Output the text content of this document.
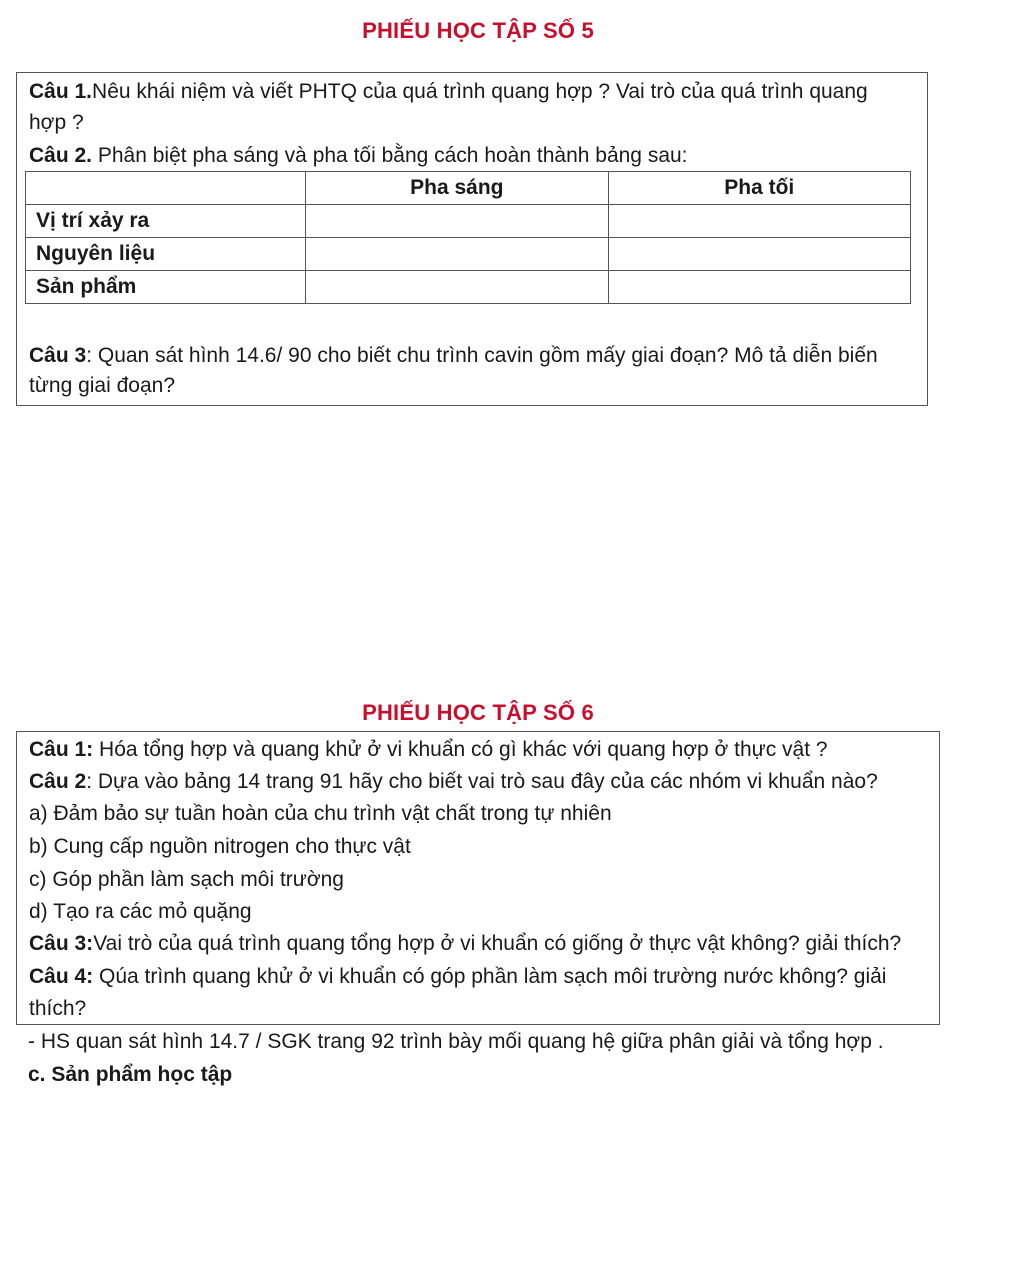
PHIẾU HỌC TẬP SỐ 5
Câu 1.Nêu khái niệm và viết PHTQ của quá trình quang hợp ? Vai trò của quá trình quang
hợp ?
Câu 2. Phân biệt pha sáng và pha tối bằng cách hoàn thành bảng sau:
	Pha sáng	Pha tối
Vị trí xảy ra		
Nguyên liệu		
Sản phẩm		
Câu 3: Quan sát hình 14.6/ 90 cho biết chu trình cavin gồm mấy giai đoạn? Mô tả diễn biến
từng giai đoạn?
PHIẾU HỌC TẬP SỐ 6
Câu 1: Hóa tổng hợp và quang khử ở vi khuẩn có gì khác với quang hợp ở thực vật ?
Câu 2: Dựa vào bảng 14 trang 91 hãy cho biết vai trò sau đây của các nhóm vi khuẩn nào?
a) Đảm bảo sự tuần hoàn của chu trình vật chất trong tự nhiên
b) Cung cấp nguồn nitrogen cho thực vật
c) Góp phần làm sạch môi trường
d) Tạo ra các mỏ quặng
Câu 3:Vai trò của quá trình quang tổng hợp ở vi khuẩn có giống ở thực vật không? giải thích?
Câu 4: Qúa trình quang khử ở vi khuẩn có góp phần làm sạch môi trường nước không? giải
thích?
- HS quan sát hình 14.7 / SGK trang 92 trình bày mối quang hệ giữa phân giải và tổng hợp .
c. Sản phẩm học tập
